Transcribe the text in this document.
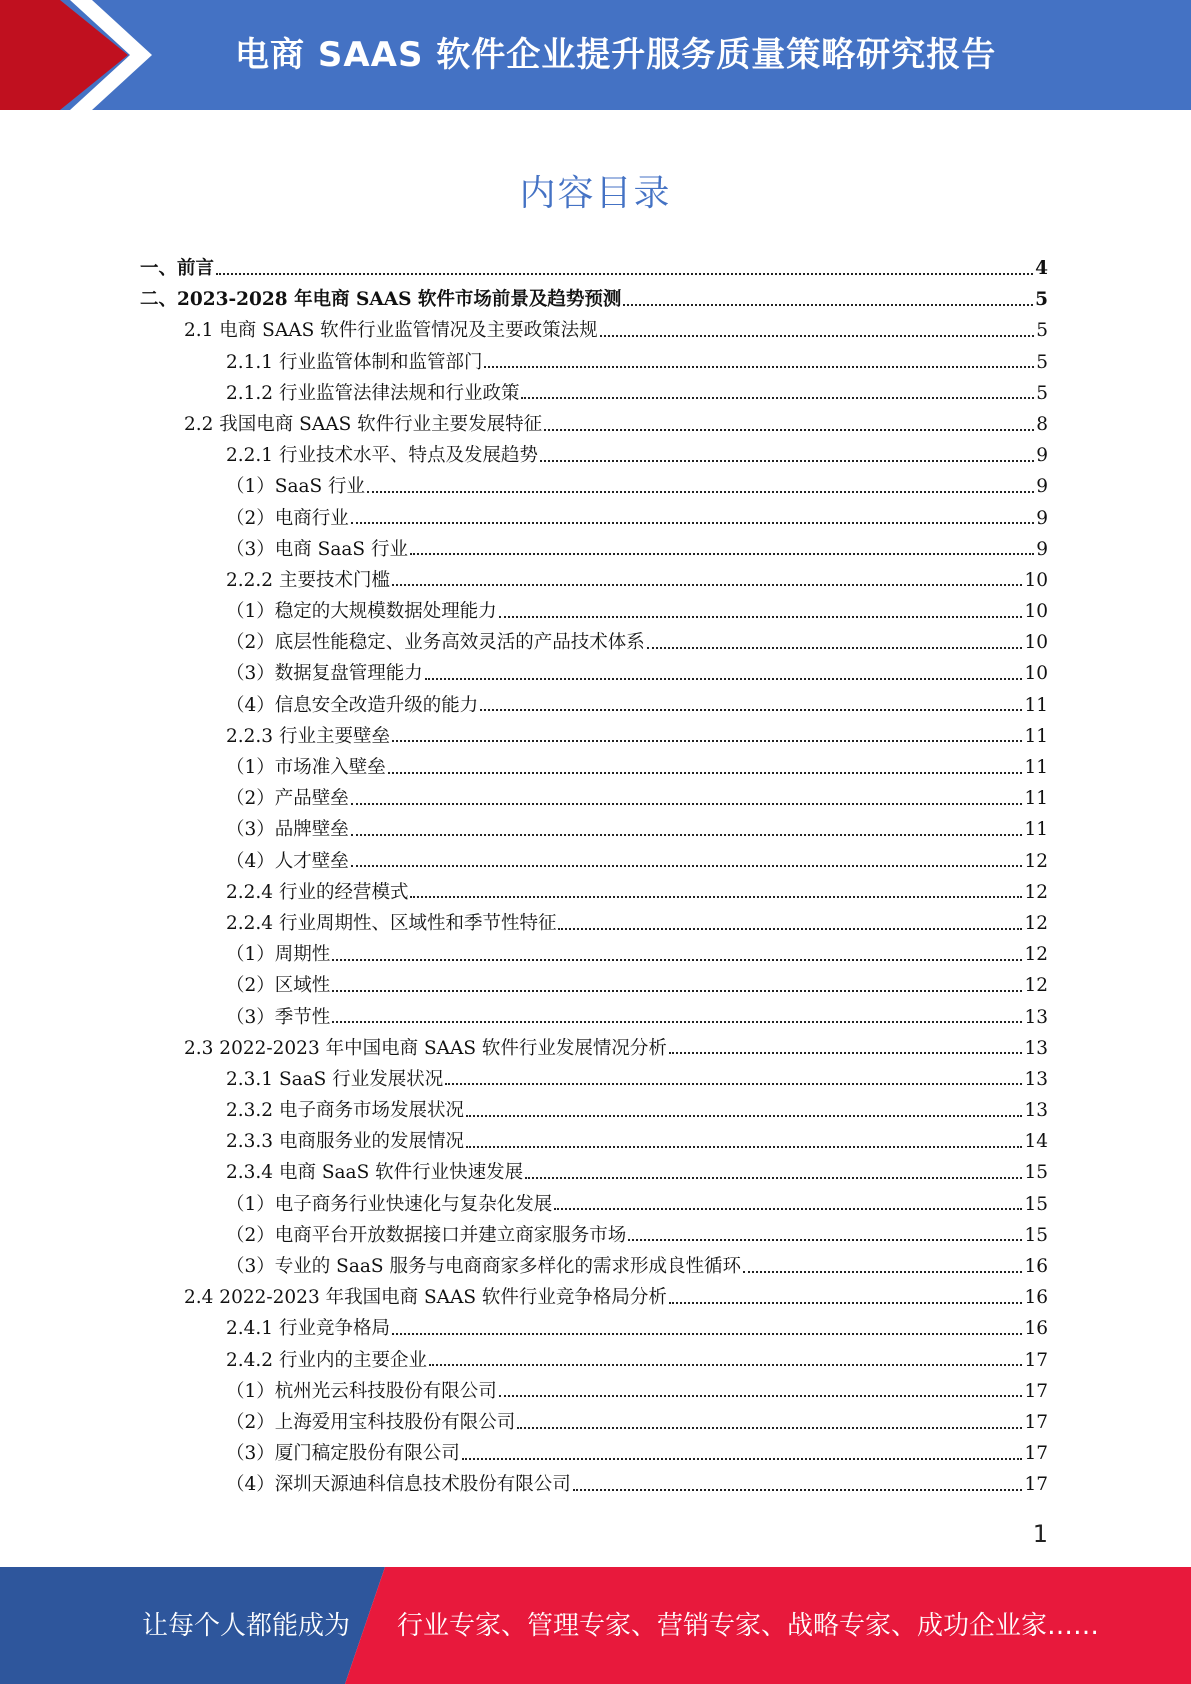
电商 SAAS 软件企业提升服务质量策略研究报告
内容目录
一、前言	4
二、2023-2028 年电商 SAAS 软件市场前景及趋势预测	5
2.1 电商 SAAS 软件行业监管情况及主要政策法规	5
2.1.1 行业监管体制和监管部门	5
2.1.2 行业监管法律法规和行业政策	5
2.2 我国电商 SAAS 软件行业主要发展特征	8
2.2.1 行业技术水平、特点及发展趋势	9
（1）SaaS 行业	9
（2）电商行业	9
（3）电商 SaaS 行业	9
2.2.2 主要技术门槛	10
（1）稳定的大规模数据处理能力	10
（2）底层性能稳定、业务高效灵活的产品技术体系	10
（3）数据复盘管理能力	10
（4）信息安全改造升级的能力	11
2.2.3 行业主要壁垒	11
（1）市场准入壁垒	11
（2）产品壁垒	11
（3）品牌壁垒	11
（4）人才壁垒	12
2.2.4 行业的经营模式	12
2.2.4 行业周期性、区域性和季节性特征	12
（1）周期性	12
（2）区域性	12
（3）季节性	13
2.3 2022-2023 年中国电商 SAAS 软件行业发展情况分析	13
2.3.1 SaaS 行业发展状况	13
2.3.2 电子商务市场发展状况	13
2.3.3 电商服务业的发展情况	14
2.3.4 电商 SaaS 软件行业快速发展	15
（1）电子商务行业快速化与复杂化发展	15
（2）电商平台开放数据接口并建立商家服务市场	15
（3）专业的 SaaS 服务与电商商家多样化的需求形成良性循环	16
2.4 2022-2023 年我国电商 SAAS 软件行业竞争格局分析	16
2.4.1 行业竞争格局	16
2.4.2 行业内的主要企业	17
（1）杭州光云科技股份有限公司	17
（2）上海爱用宝科技股份有限公司	17
（3）厦门稿定股份有限公司	17
（4）深圳天源迪科信息技术股份有限公司	17
1
让每个人都能成为 行业专家、管理专家、营销专家、战略专家、成功企业家……
